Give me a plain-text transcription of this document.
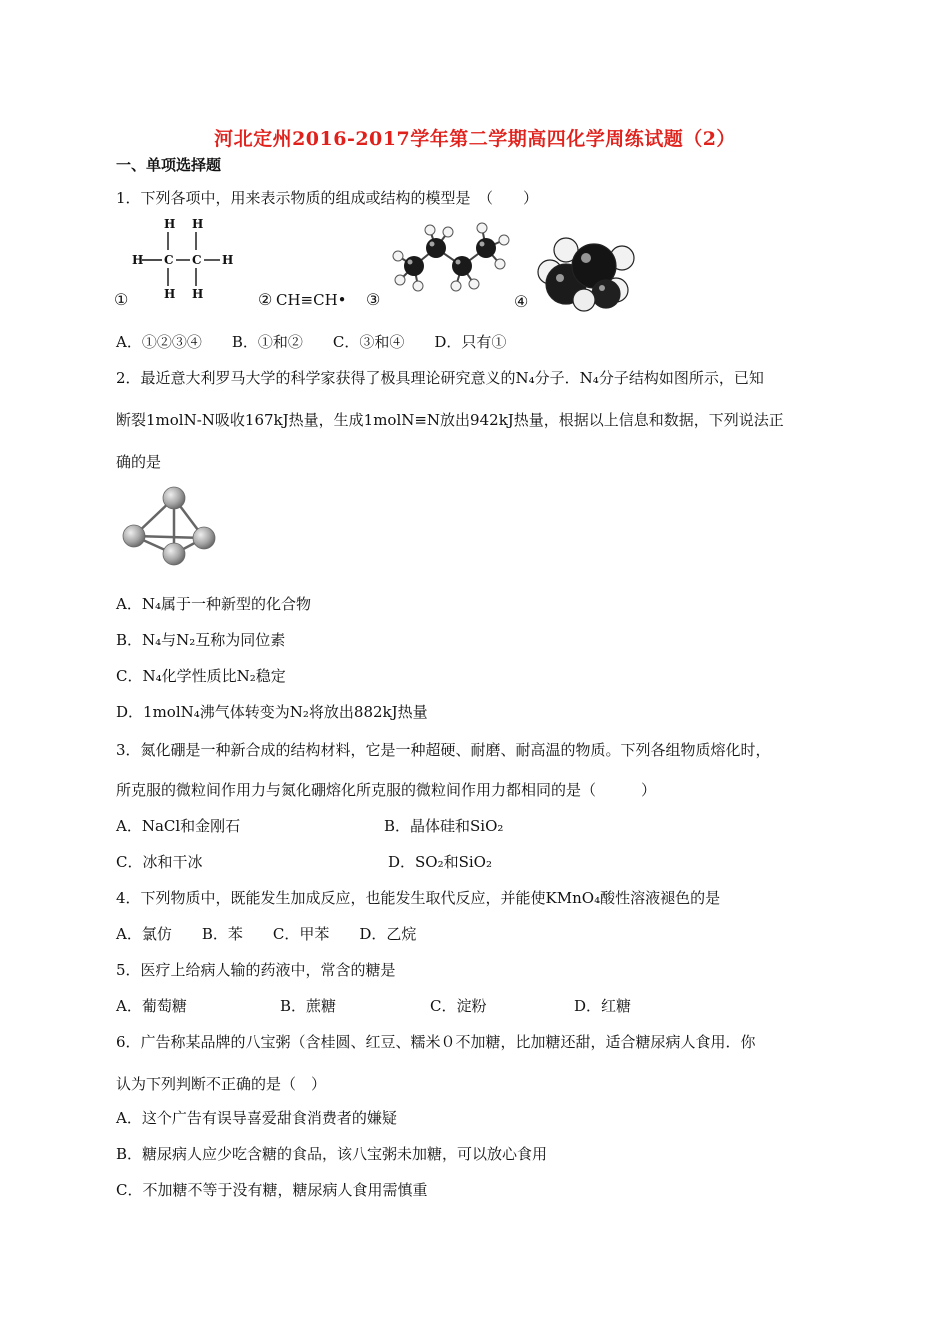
河北定州2016-2017学年第二学期高四化学周练试题（2）
一、单项选择题
1．下列各项中，用来表示物质的组成或结构的模型是　（　　）
H H
H C C H
H H
①	② CH≡CH• ③	④
A．①②③④　　B．①和②　　C．③和④　　D．只有①
2．最近意大利罗马大学的科学家获得了极具理论研究意义的N₄分子．N₄分子结构如图所示，已知
断裂1molN-N吸收167kJ热量，生成1molN≡N放出942kJ热量，根据以上信息和数据，下列说法正
确的是
A．N₄属于一种新型的化合物
B．N₄与N₂互称为同位素
C．N₄化学性质比N₂稳定
D．1molN₄沸气体转变为N₂将放出882kJ热量
3．氮化硼是一种新合成的结构材料，它是一种超硬、耐磨、耐高温的物质。下列各组物质熔化时，
所克服的微粒间作用力与氮化硼熔化所克服的微粒间作用力都相同的是（　　　）
A．NaCl和金刚石	B．晶体硅和SiO₂
C．冰和干冰	D．SO₂和SiO₂
4．下列物质中，既能发生加成反应，也能发生取代反应，并能使KMnO₄酸性溶液褪色的是
A．氯仿　　B．苯　　C．甲苯　　D．乙烷
5．医疗上给病人输的药液中，常含的糖是
A．葡萄糖	B．蔗糖	C．淀粉	D．红糖
6．广告称某品牌的八宝粥（含桂圆、红豆、糯米０不加糖，比加糖还甜，适合糖尿病人食用．你
认为下列判断不正确的是（　）
A．这个广告有误导喜爱甜食消费者的嫌疑
B．糖尿病人应少吃含糖的食品，该八宝粥未加糖，可以放心食用
C．不加糖不等于没有糖，糖尿病人食用需慎重
